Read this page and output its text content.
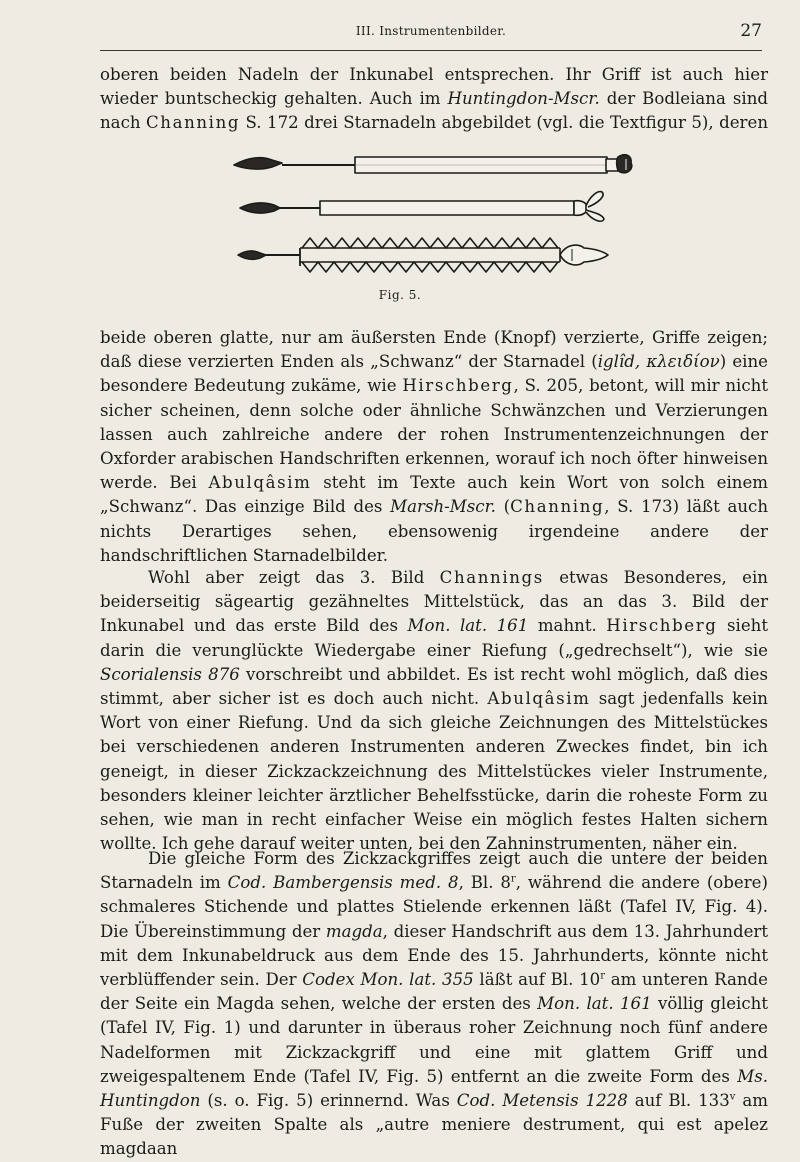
III. Instrumentenbilder.	27

oberen beiden Nadeln der Inkunabel entsprechen. Ihr Griff ist auch hier

wieder buntscheckig gehalten. Auch im Huntingdon-Mscr. der Bodleiana sind

nach Channing S. 172 drei Starnadeln abgebildet (vgl. die Textfigur 5), deren

Fig. 5.

beide oberen glatte, nur am äußersten Ende (Knopf) verzierte, Griffe zeigen; daß diese verzierten Enden als „Schwanz“ der Starnadel (iglîd, κλειδίον) eine besondere Bedeutung zukäme, wie Hirschberg, S. 205, betont, will mir nicht sicher scheinen, denn solche oder ähnliche Schwänzchen und Verzierungen lassen auch zahlreiche andere der rohen Instrumentenzeichnungen der Oxforder arabischen Handschriften erkennen, worauf ich noch öfter hinweisen werde. Bei Abulqâsim steht im Texte auch kein Wort von solch einem „Schwanz“. Das einzige Bild des Marsh-Mscr. (Channing, S. 173) läßt auch nichts Derartiges sehen, ebensowenig irgendeine andere der handschriftlichen Starnadelbilder.

Wohl aber zeigt das 3. Bild Channings etwas Besonderes, ein beiderseitig sägeartig gezähneltes Mittelstück, das an das 3. Bild der Inkunabel und das erste Bild des Mon. lat. 161 mahnt. Hirschberg sieht darin die verunglückte Wiedergabe einer Riefung („gedrechselt“), wie sie Scorialensis 876 vorschreibt und abbildet. Es ist recht wohl möglich, daß dies stimmt, aber sicher ist es doch auch nicht. Abulqâsim sagt jedenfalls kein Wort von einer Riefung. Und da sich gleiche Zeichnungen des Mittelstückes bei verschiedenen anderen Instrumenten anderen Zweckes findet, bin ich geneigt, in dieser Zickzackzeichnung des Mittelstückes vieler Instrumente, besonders kleiner leichter ärztlicher Behelfsstücke, darin die roheste Form zu sehen, wie man in recht einfacher Weise ein möglich festes Halten sichern wollte. Ich gehe darauf weiter unten, bei den Zahninstrumenten, näher ein.

Die gleiche Form des Zickzackgriffes zeigt auch die untere der beiden Starnadeln im Cod. Bambergensis med. 8, Bl. 8$^r$, während die andere (obere) schmaleres Stichende und plattes Stielende erkennen läßt (Tafel IV, Fig. 4). Die Übereinstimmung der magda, dieser Handschrift aus dem 13. Jahrhundert mit dem Inkunabeldruck aus dem Ende des 15. Jahrhunderts, könnte nicht verblüffender sein. Der Codex Mon. lat. 355 läßt auf Bl. 10$^r$ am unteren Rande der Seite ein Magda sehen, welche der ersten des Mon. lat. 161 völlig gleicht (Tafel IV, Fig. 1) und darunter in überaus roher Zeichnung noch fünf andere Nadelformen mit Zickzackgriff und eine mit glattem Griff und zweigespaltenem Ende (Tafel IV, Fig. 5) entfernt an die zweite Form des Ms. Huntingdon (s. o. Fig. 5) erinnernd. Was Cod. Metensis 1228 auf Bl. 133$^v$ am Fuße der zweiten Spalte als „autre meniere destrument, qui est apelez magdaan
